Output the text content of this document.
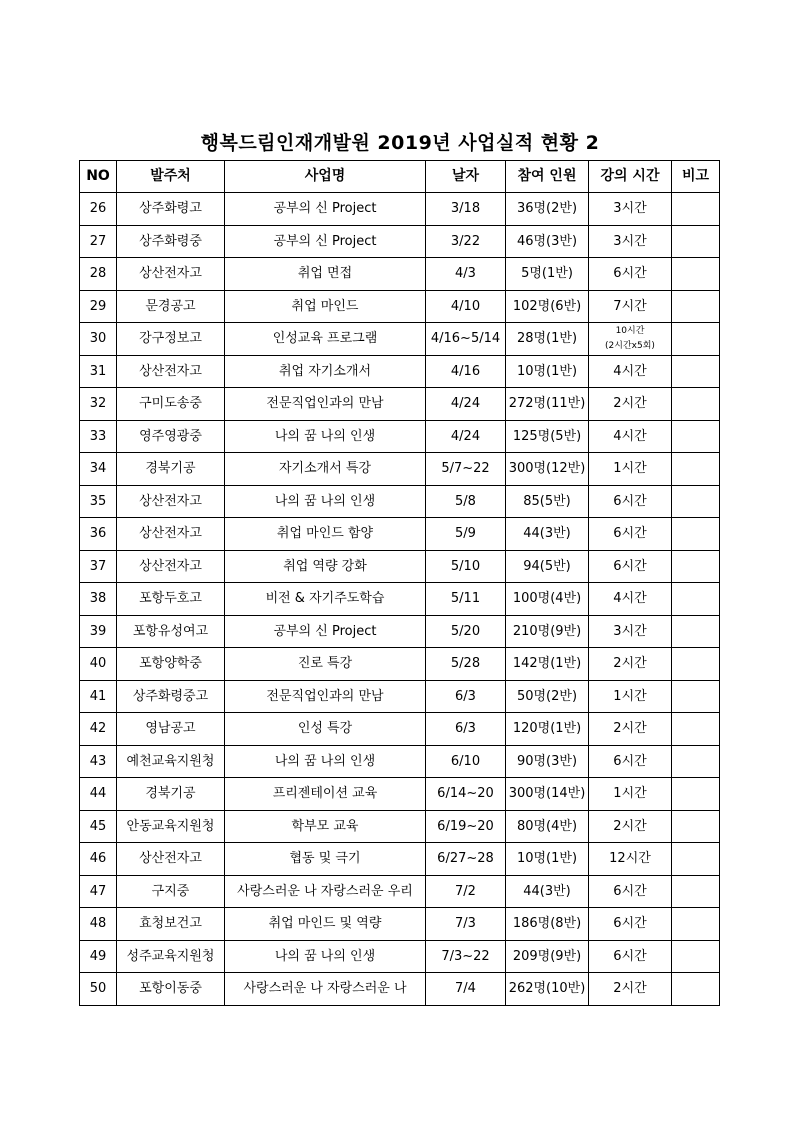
행복드림인재개발원 2019년 사업실적 현황 2
NO	발주처	사업명	날자	참여 인원	강의 시간	비고
26	상주화령고	공부의 신 Project	3/18	36명(2반)	3시간	
27	상주화령중	공부의 신 Project	3/22	46명(3반)	3시간	
28	상산전자고	취업 면접	4/3	5명(1반)	6시간	
29	문경공고	취업 마인드	4/10	102명(6반)	7시간	
30	강구정보고	인성교육 프로그램	4/16~5/14	28명(1반)	10시간
(2시간x5회)	

31	상산전자고	취업 자기소개서	4/16	10명(1반)	4시간	
32	구미도송중	전문직업인과의 만남	4/24	272명(11반)	2시간	
33	영주영광중	나의 꿈 나의 인생	4/24	125명(5반)	4시간	
34	경북기공	자기소개서 특강	5/7~22	300명(12반)	1시간	
35	상산전자고	나의 꿈 나의 인생	5/8	85(5반)	6시간	
36	상산전자고	취업 마인드 함양	5/9	44(3반)	6시간	
37	상산전자고	취업 역량 강화	5/10	94(5반)	6시간	
38	포항두호고	비전 & 자기주도학습	5/11	100명(4반)	4시간	
39	포항유성여고	공부의 신 Project	5/20	210명(9반)	3시간	
40	포항양학중	진로 특강	5/28	142명(1반)	2시간	
41	상주화령중고	전문직업인과의 만남	6/3	50명(2반)	1시간	
42	영남공고	인성 특강	6/3	120명(1반)	2시간	
43	예천교육지원청	나의 꿈 나의 인생	6/10	90명(3반)	6시간	
44	경북기공	프리젠테이션 교육	6/14~20	300명(14반)	1시간	
45	안동교육지원청	학부모 교육	6/19~20	80명(4반)	2시간	
46	상산전자고	협동 및 극기	6/27~28	10명(1반)	12시간	
47	구지중	사랑스러운 나 자랑스러운 우리	7/2	44(3반)	6시간	
48	효청보건고	취업 마인드 및 역량	7/3	186명(8반)	6시간	
49	성주교육지원청	나의 꿈 나의 인생	7/3~22	209명(9반)	6시간	
50	포항이동중	사랑스러운 나 자랑스러운 나	7/4	262명(10반)	2시간	
